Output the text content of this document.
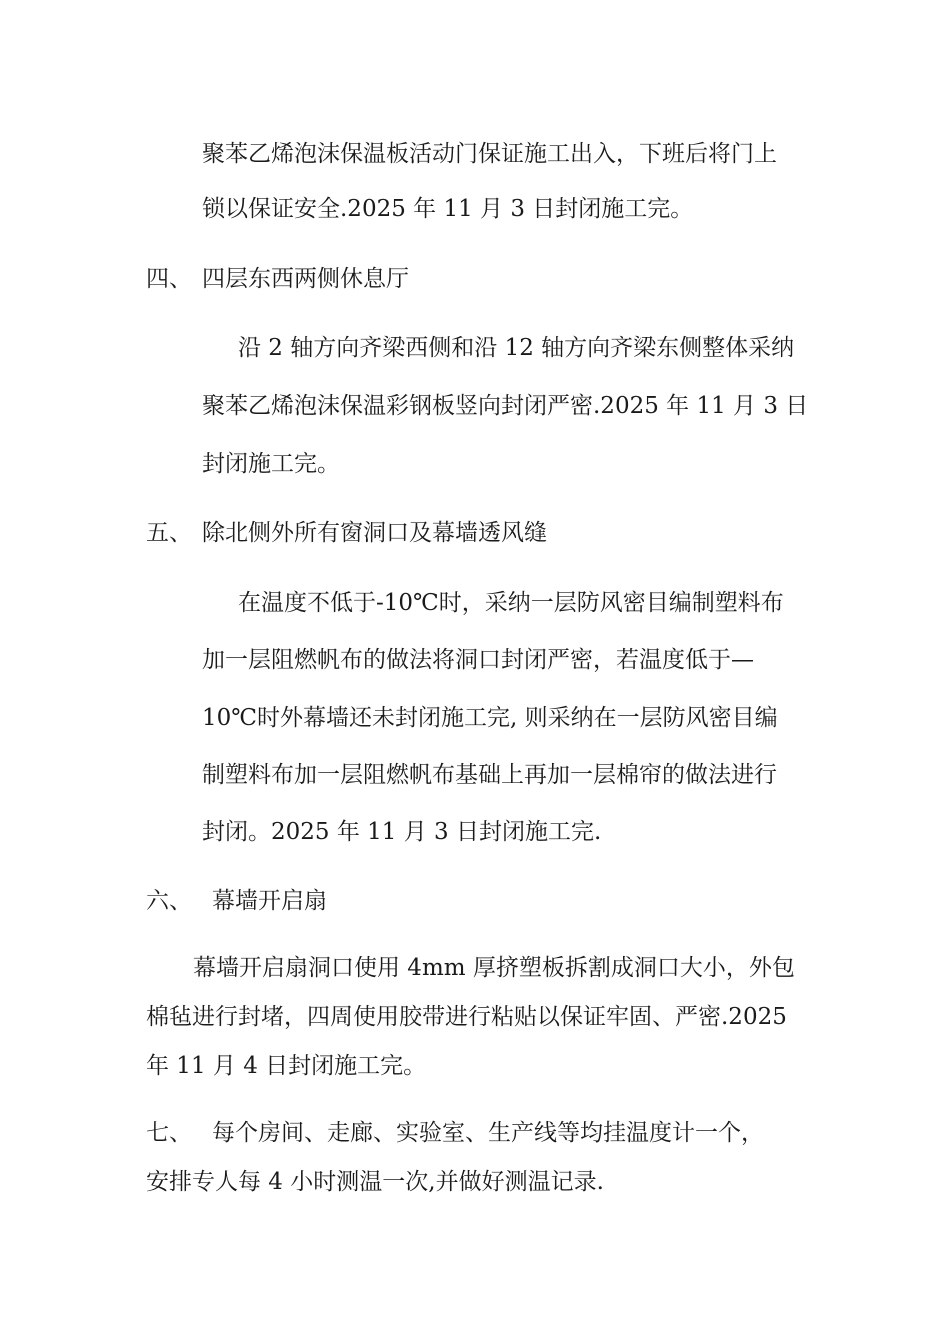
聚苯乙烯泡沫保温板活动门保证施工出入，下班后将门上
锁以保证安全.2025 年 11 月 3 日封闭施工完。
四、 四层东西两侧休息厅
沿 2 轴方向齐梁西侧和沿 12 轴方向齐梁东侧整体采纳
聚苯乙烯泡沫保温彩钢板竖向封闭严密.2025 年 11 月 3 日
封闭施工完。
五、 除北侧外所有窗洞口及幕墙透风缝
在温度不低于-10℃时，采纳一层防风密目编制塑料布
加一层阻燃帆布的做法将洞口封闭严密，若温度低于—
10℃时外幕墙还未封闭施工完, 则采纳在一层防风密目编
制塑料布加一层阻燃帆布基础上再加一层棉帘的做法进行
封闭。2025 年 11 月 3 日封闭施工完.
六、 幕墙开启扇
幕墙开启扇洞口使用 4mm 厚挤塑板拆割成洞口大小，外包
棉毡进行封堵，四周使用胶带进行粘贴以保证牢固、严密.2025
年 11 月 4 日封闭施工完。
七、 每个房间、走廊、实验室、生产线等均挂温度计一个，
安排专人每 4 小时测温一次,并做好测温记录.
